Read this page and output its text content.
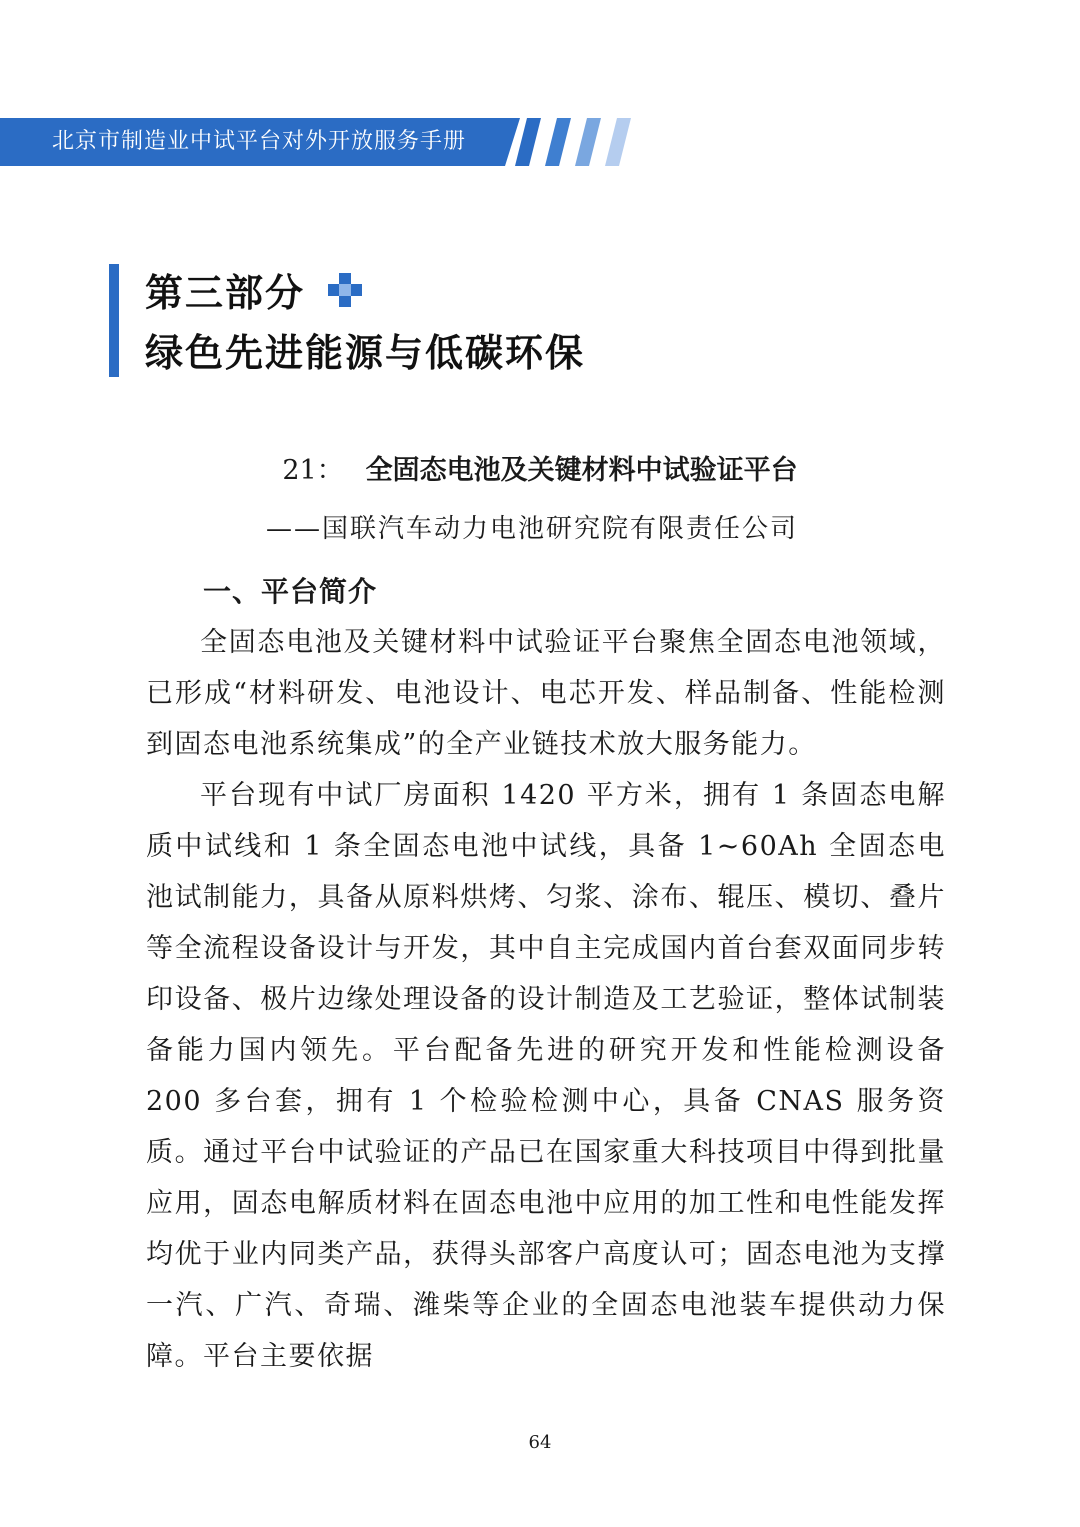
北京市制造业中试平台对外开放服务手册
第三部分
绿色先进能源与低碳环保
21： 全固态电池及关键材料中试验证平台
——国联汽车动力电池研究院有限责任公司
一、平台简介

全固态电池及关键材料中试验证平台聚焦全固态电池领域，已形成“材料研发、电池设计、电芯开发、样品制备、性能检测到固态电池系统集成”的全产业链技术放大服务能力。

平台现有中试厂房面积 1420 平方米，拥有 1 条固态电解质中试线和 1 条全固态电池中试线，具备 1~60Ah 全固态电池试制能力，具备从原料烘烤、匀浆、涂布、辊压、模切、叠片等全流程设备设计与开发，其中自主完成国内首台套双面同步转印设备、极片边缘处理设备的设计制造及工艺验证，整体试制装备能力国内领先。平台配备先进的研究开发和性能检测设备 200 多台套，拥有 1 个检验检测中心，具备 CNAS 服务资质。通过平台中试验证的产品已在国家重大科技项目中得到批量应用，固态电解质材料在固态电池中应用的加工性和电性能发挥均优于业内同类产品，获得头部客户高度认可；固态电池为支撑一汽、广汽、奇瑞、潍柴等企业的全固态电池装车提供动力保障。平台主要依据

64
